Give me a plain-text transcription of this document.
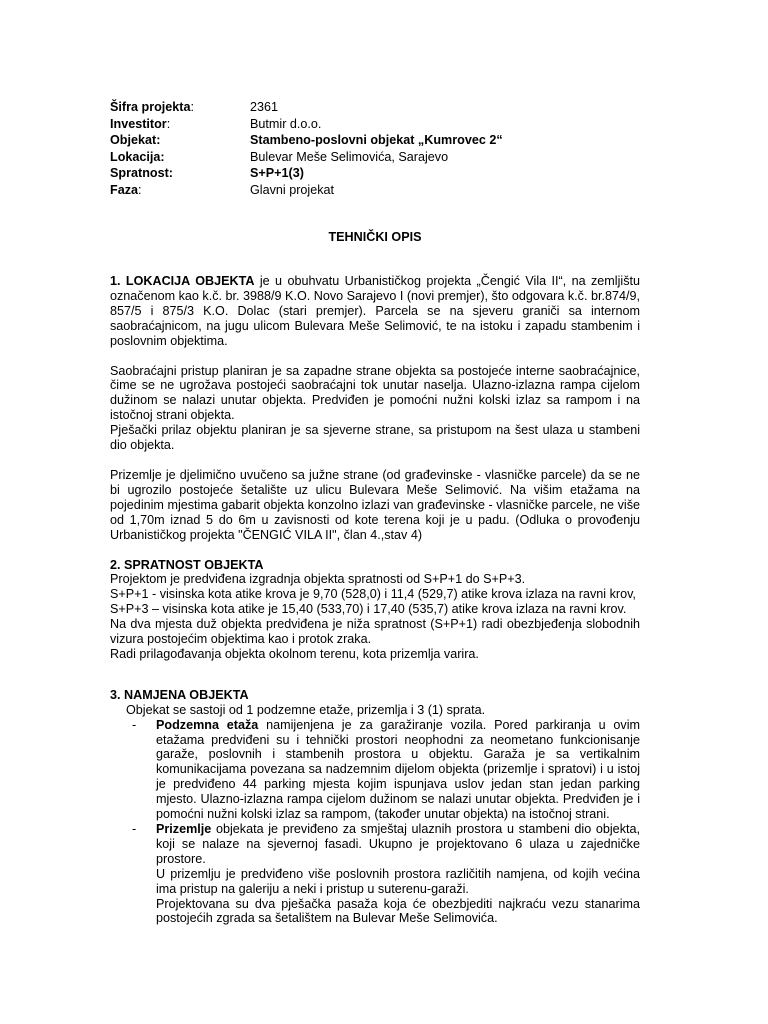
Šifra projekta:	2361
Investitor:	Butmir d.o.o.
Objekat:	Stambeno-poslovni objekat „Kumrovec 2“
Lokacija:	Bulevar Meše Selimovića, Sarajevo
Spratnost:	S+P+1(3)
Faza:	Glavni projekat
TEHNIČKI OPIS

1. LOKACIJA OBJEKTA je u obuhvatu Urbanističkog projekta „Čengić Vila II“, na zemljištu označenom kao k.č. br. 3988/9 K.O. Novo Sarajevo I (novi premjer), što odgovara k.č. br.874/9, 857/5 i 875/3 K.O. Dolac (stari premjer). Parcela se na sjeveru graniči sa internom saobraćajnicom, na jugu ulicom Bulevara Meše Selimović, te na istoku i zapadu stambenim i poslovnim objektima.

Saobraćajni pristup planiran je sa zapadne strane objekta sa postojeće interne saobraćajnice, čime se ne ugrožava postojeći saobraćajni tok unutar naselja. Ulazno-izlazna rampa cijelom dužinom se nalazi unutar objekta. Predviđen je pomoćni nužni kolski izlaz sa rampom i na istočnoj strani objekta.

Pješački prilaz objektu planiran je sa sjeverne strane, sa pristupom na šest ulaza u stambeni dio objekta.

Prizemlje je djelimično uvučeno sa južne strane (od građevinske - vlasničke parcele) da se ne bi ugrozilo postojeće šetalište uz ulicu Bulevara Meše Selimović. Na višim etažama na pojedinim mjestima gabarit objekta konzolno izlazi van građevinske - vlasničke parcele, ne više od 1,70m iznad 5 do 6m u zavisnosti od kote terena koji je u padu. (Odluka o provođenju Urbanističkog projekta "ČENGIĆ VILA II", član 4.,stav 4)

2. SPRATNOST OBJEKTA

Projektom je predviđena izgradnja objekta spratnosti od S+P+1 do S+P+3.

S+P+1 - visinska kota atike krova je 9,70 (528,0) i 11,4 (529,7) atike krova izlaza na ravni krov,

S+P+3 – visinska kota atike je 15,40 (533,70) i 17,40 (535,7) atike krova izlaza na ravni krov.

Na dva mjesta duž objekta predviđena je niža spratnost (S+P+1) radi obezbjeđenja slobodnih vizura postojećim objektima kao i protok zraka.

Radi prilagođavanja objekta okolnom terenu, kota prizemlja varira.

3. NAMJENA OBJEKTA

Objekat se sastoji od 1 podzemne etaže, prizemlja i 3 (1) sprata.

- Podzemna etaža namijenjena je za garažiranje vozila. Pored parkiranja u ovim etažama predviđeni su i tehnički prostori neophodni za neometano funkcionisanje garaže, poslovnih i stambenih prostora u objektu. Garaža je sa vertikalnim komunikacijama povezana sa nadzemnim dijelom objekta (prizemlje i spratovi) i u istoj je predviđeno 44 parking mjesta kojim ispunjava uslov jedan stan jedan parking mjesto. Ulazno-izlazna rampa cijelom dužinom se nalazi unutar objekta. Predviđen je i pomoćni nužni kolski izlaz sa rampom, (također unutar objekta) na istočnoj strani.
- Prizemlje objekata je previđeno za smještaj ulaznih prostora u stambeni dio objekta, koji se nalaze na sjevernoj fasadi. Ukupno je projektovano 6 ulaza u zajedničke prostore.

U prizemlju je predviđeno više poslovnih prostora različitih namjena, od kojih većina ima pristup na galeriju a neki i pristup u suterenu-garaži.

Projektovana su dva pješačka pasaža koja će obezbjediti najkraću vezu stanarima postojećih zgrada sa šetalištem na Bulevar Meše Selimovića.
